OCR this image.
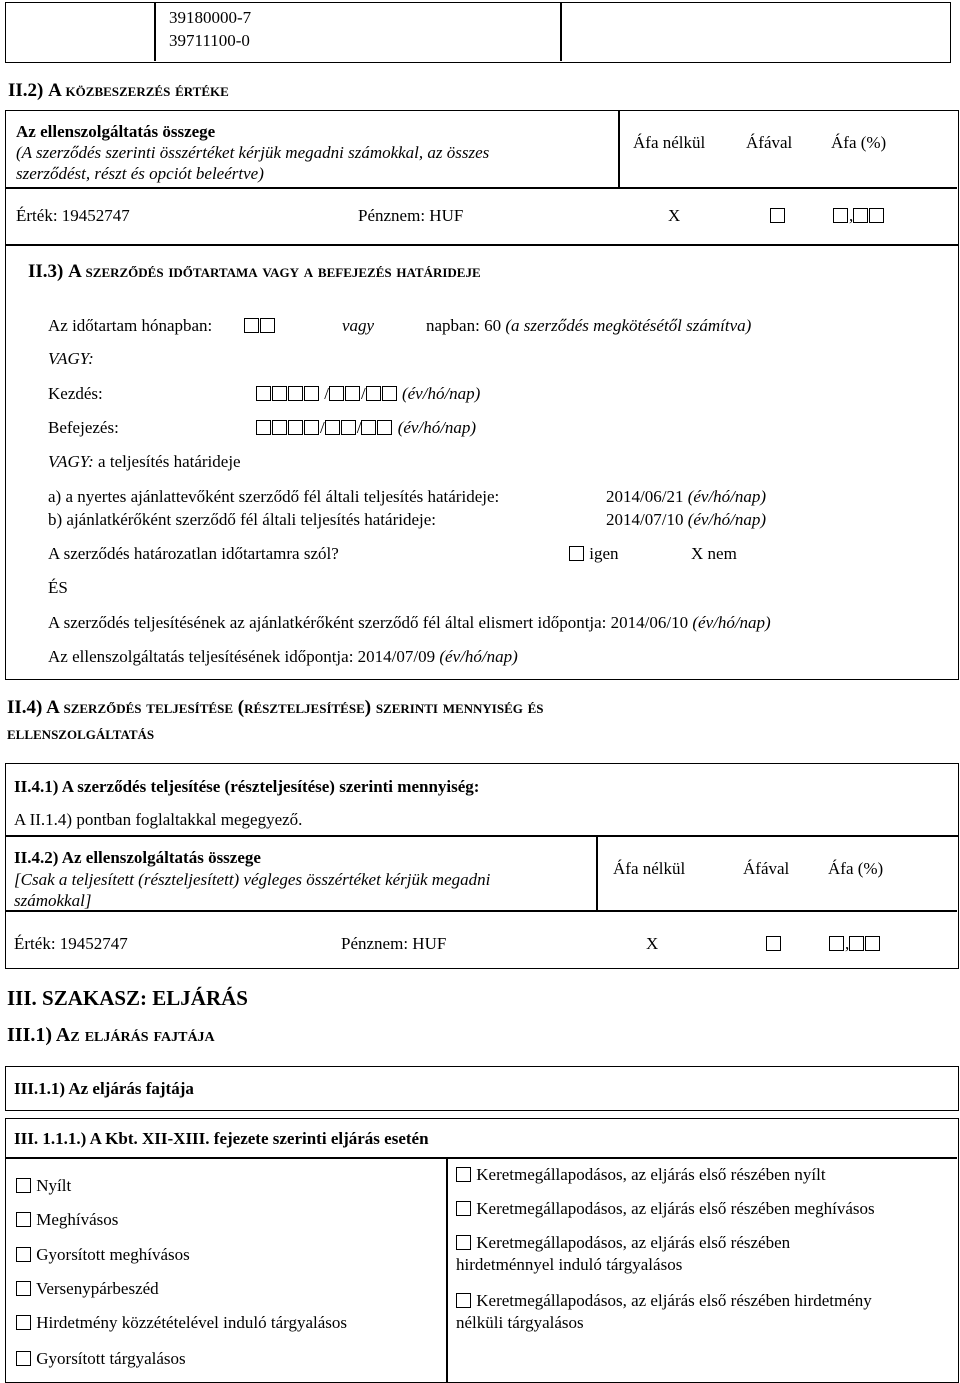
39180000-7
39711100-0
II.2) A közbeszerzés értéke
Az ellenszolgáltatás összege
(A szerződés szerinti összértéket kérjük megadni számokkal, az összes
szerződést, részt és opciót beleértve)
Áfa nélkül Áfával Áfa (%)
Érték: 19452747	Pénznem: HUF	X	,
II.3) A szerződés időtartama vagy a befejezés határideje
Az időtartam hónapban:	vagy	napban: 60 (a szerződés megkötésétől számítva)
VAGY:
Kezdés:	/ / (év/hó/nap)
Befejezés:	/ / (év/hó/nap)
VAGY: a teljesítés határideje
a) a nyertes ajánlattevőként szerződő fél általi teljesítés határideje:	2014/06/21 (év/hó/nap)
b) ajánlatkérőként szerződő fél általi teljesítés határideje:	2014/07/10 (év/hó/nap)
A szerződés határozatlan időtartamra szól?	igen	X nem
ÉS
A szerződés teljesítésének az ajánlatkérőként szerződő fél által elismert időpontja: 2014/06/10 (év/hó/nap)
Az ellenszolgáltatás teljesítésének időpontja: 2014/07/09 (év/hó/nap)
II.4) A szerződés teljesítése (részteljesítése) szerinti mennyiség és
ellenszolgáltatás
II.4.1) A szerződés teljesítése (részteljesítése) szerinti mennyiség:
A II.1.4) pontban foglaltakkal megegyező.
II.4.2) Az ellenszolgáltatás összege
[Csak a teljesített (részteljesített) végleges összértéket kérjük megadni
számokkal]
Áfa nélkül	Áfával Áfa (%)
Érték: 19452747	Pénznem: HUF	X	,
III. SZAKASZ: ELJÁRÁS
III.1) Az eljárás fajtája
III.1.1) Az eljárás fajtája
III. 1.1.1.) A Kbt. XII-XIII. fejezete szerinti eljárás esetén
Nyílt
Meghívásos
Gyorsított meghívásos
Versenypárbeszéd
Hirdetmény közzétételével induló tárgyalásos
Gyorsított tárgyalásos
Keretmegállapodásos, az eljárás első részében nyílt
Keretmegállapodásos, az eljárás első részében meghívásos
Keretmegállapodásos, az eljárás első részében
hirdetménnyel induló tárgyalásos
Keretmegállapodásos, az eljárás első részében hirdetmény
nélküli tárgyalásos
